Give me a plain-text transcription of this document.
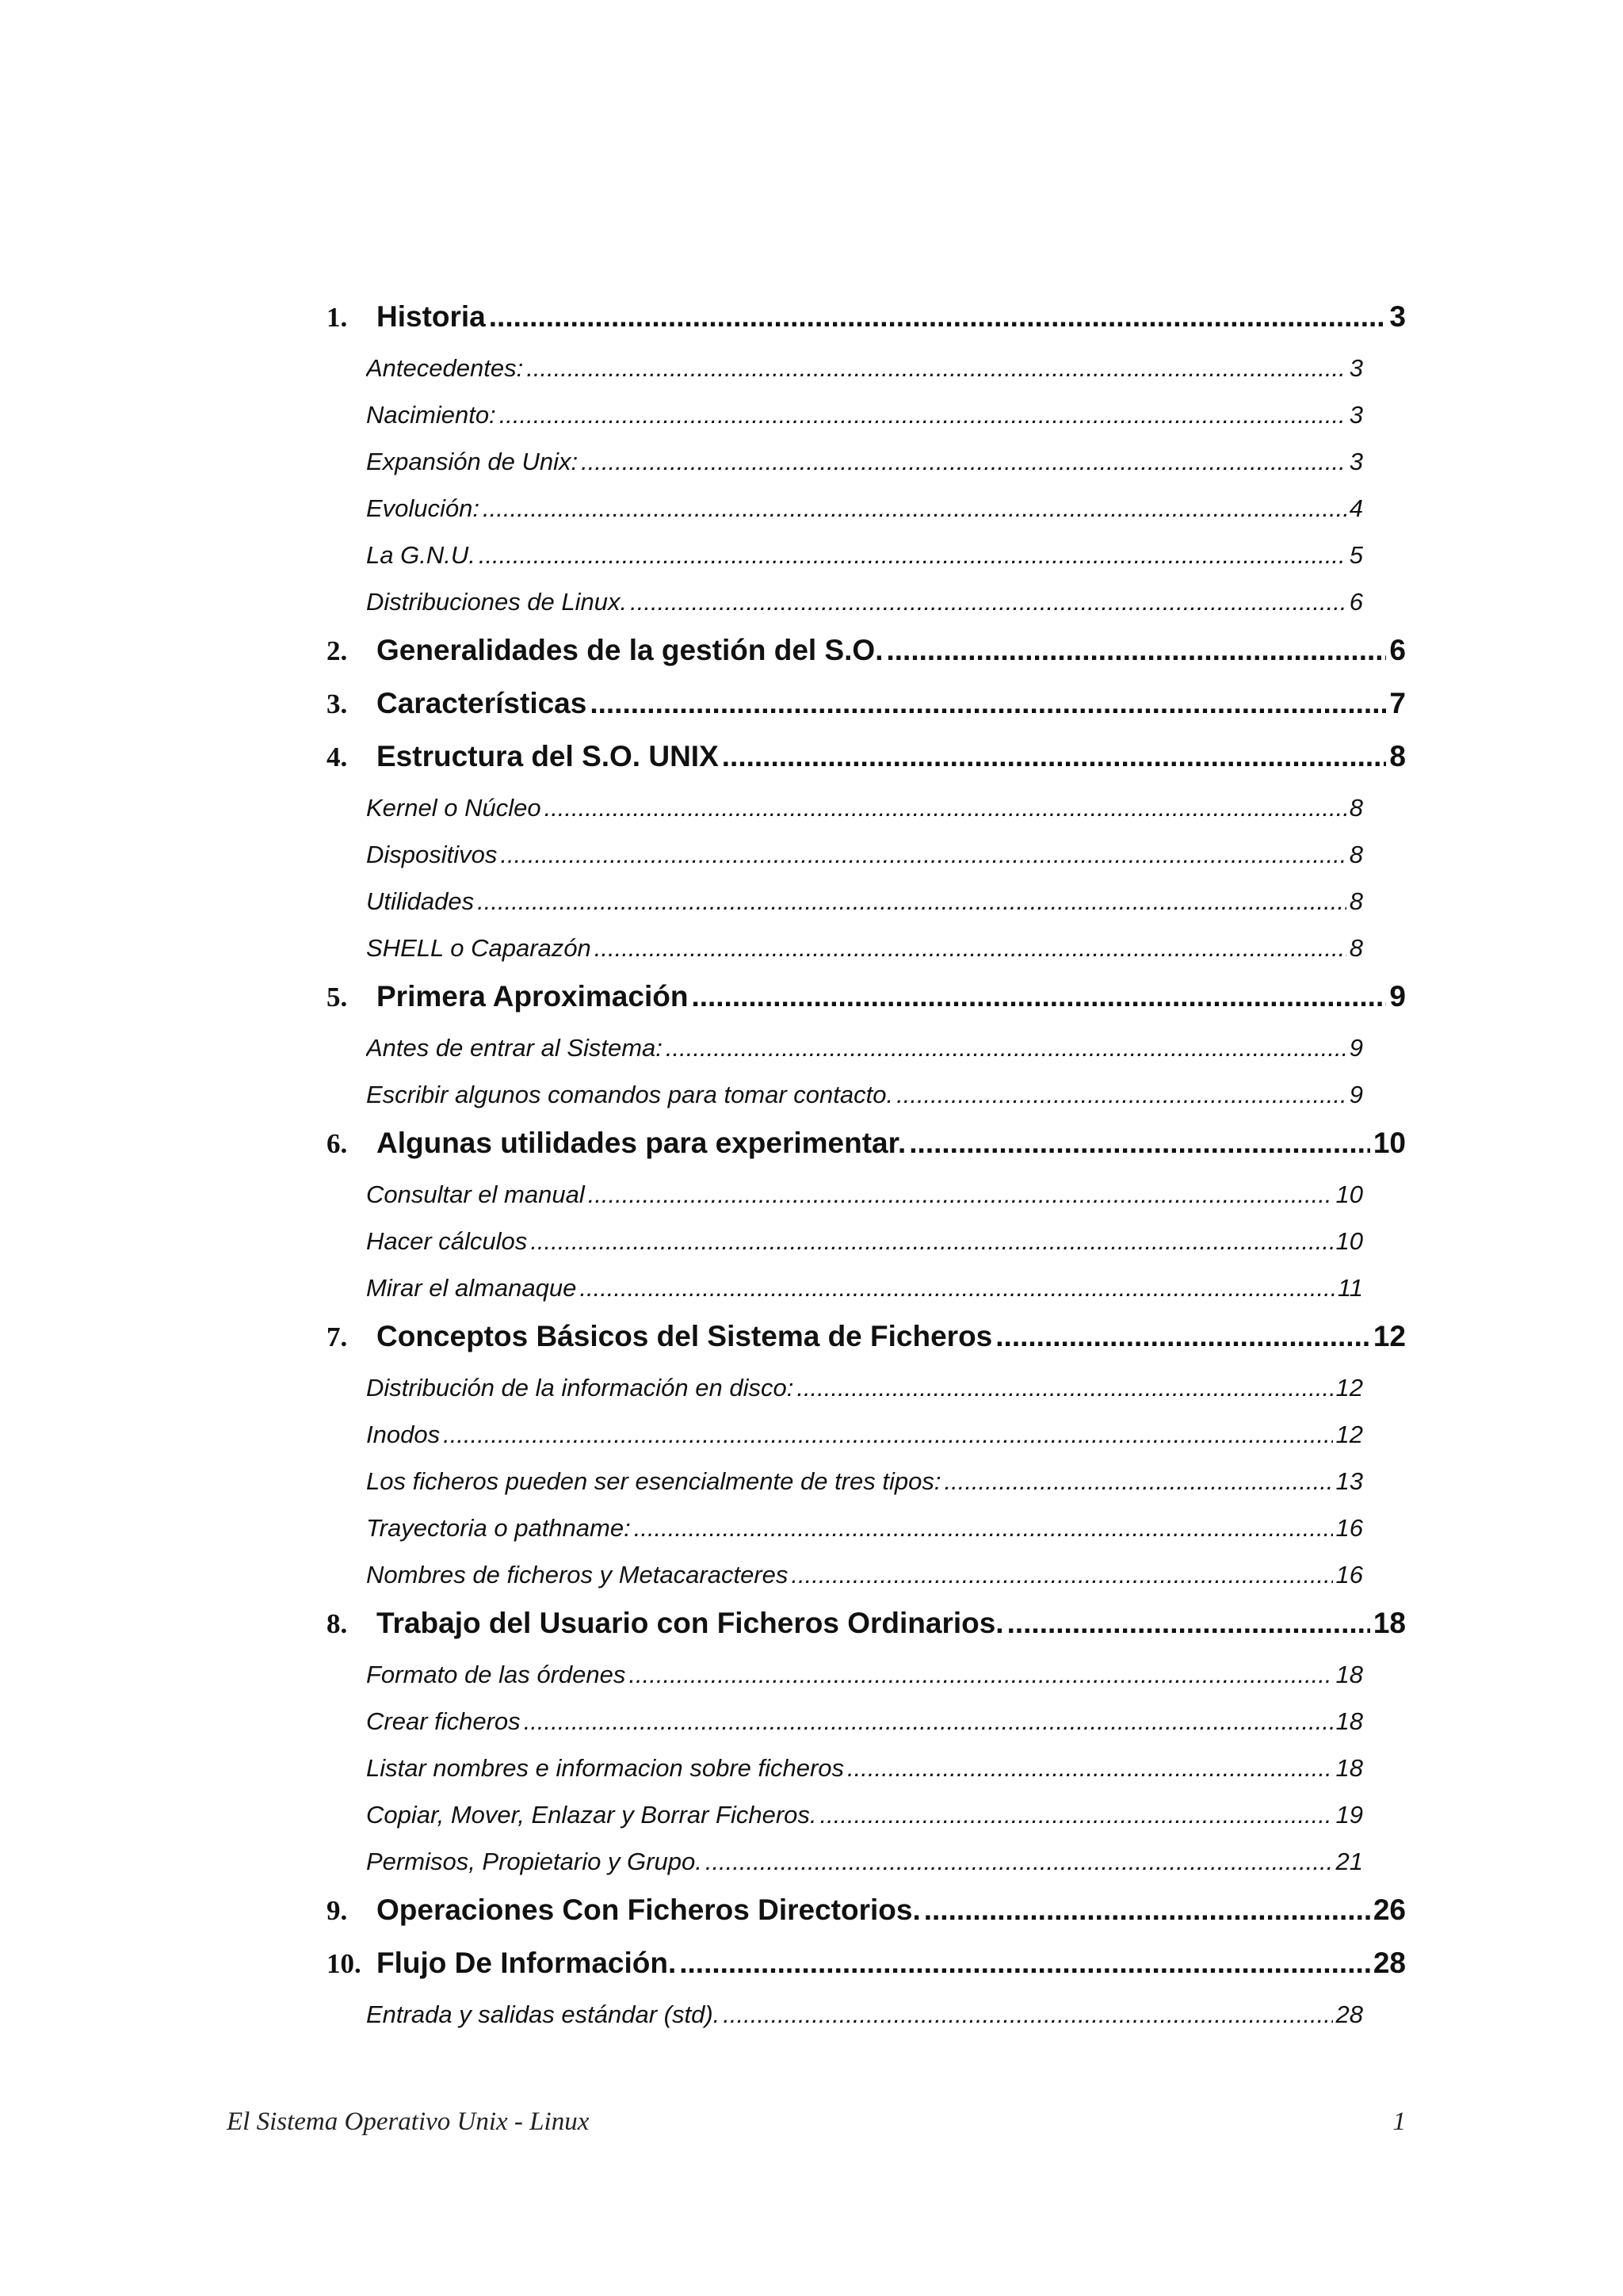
1. Historia .....	3
Antecedentes: .....	3
Nacimiento: .....	3
Expansión de Unix: .....	3
Evolución: .....	4
La G.N.U. .....	5
Distribuciones de Linux. .....	6
2. Generalidades de la gestión del S.O. .....	6
3. Características .....	7
4. Estructura del S.O. UNIX .....	8
Kernel o Núcleo .....	8
Dispositivos .....	8
Utilidades .....	8
SHELL o Caparazón .....	8
5. Primera Aproximación .....	9
Antes de entrar al Sistema: .....	9
Escribir algunos comandos para tomar contacto. .....	9
6. Algunas utilidades para experimentar. .....	10
Consultar el manual .....	10
Hacer cálculos .....	10
Mirar el almanaque .....	11
7. Conceptos Básicos del Sistema de Ficheros .....	12
Distribución de la información en disco: .....	12
Inodos .....	12
Los ficheros pueden ser esencialmente de tres tipos: .....	13
Trayectoria o pathname: .....	16
Nombres de ficheros y Metacaracteres .....	16
8. Trabajo del Usuario con Ficheros Ordinarios. .....	18
Formato de las órdenes .....	18
Crear ficheros .....	18
Listar nombres e informacion sobre ficheros .....	18
Copiar, Mover, Enlazar y Borrar Ficheros. .....	19
Permisos, Propietario y Grupo. .....	21
9. Operaciones Con Ficheros Directorios. .....	26
10. Flujo De Información. .....	28
Entrada y salidas estándar (std). .....	28
El Sistema Operativo Unix - Linux	1
